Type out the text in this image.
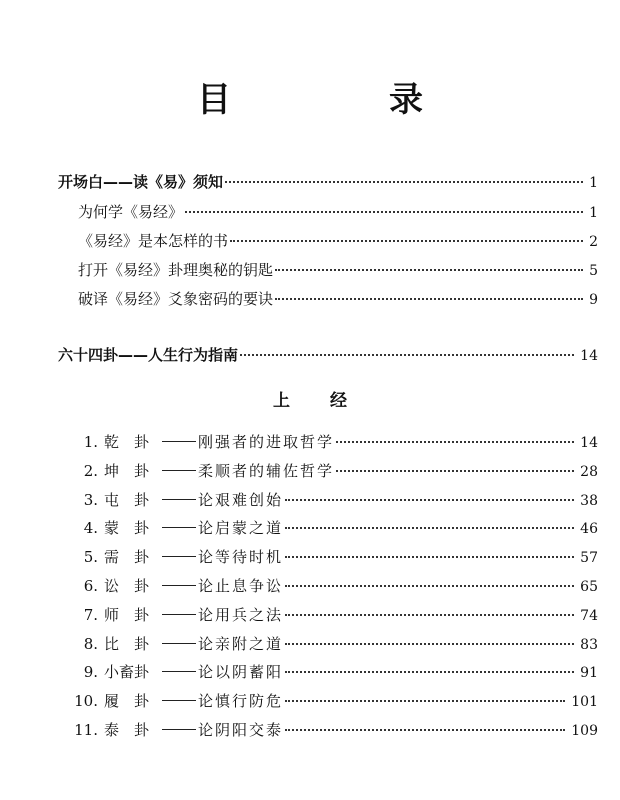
目　录
开场白——读《易》须知	1
为何学《易经》	1
《易经》是本怎样的书	2
打开《易经》卦理奥秘的钥匙	5
破译《易经》爻象密码的要诀	9
六十四卦——人生行为指南	14
上经
1. 乾　卦	刚强者的进取哲学	14
2. 坤　卦	柔顺者的辅佐哲学	28
3. 屯　卦	论艰难创始	38
4. 蒙　卦	论启蒙之道	46
5. 需　卦	论等待时机	57
6. 讼　卦	论止息争讼	65
7. 师　卦	论用兵之法	74
8. 比　卦	论亲附之道	83
9. 小畜卦	论以阴蓄阳	91
10. 履　卦	论慎行防危	101
11. 泰　卦	论阴阳交泰	109
